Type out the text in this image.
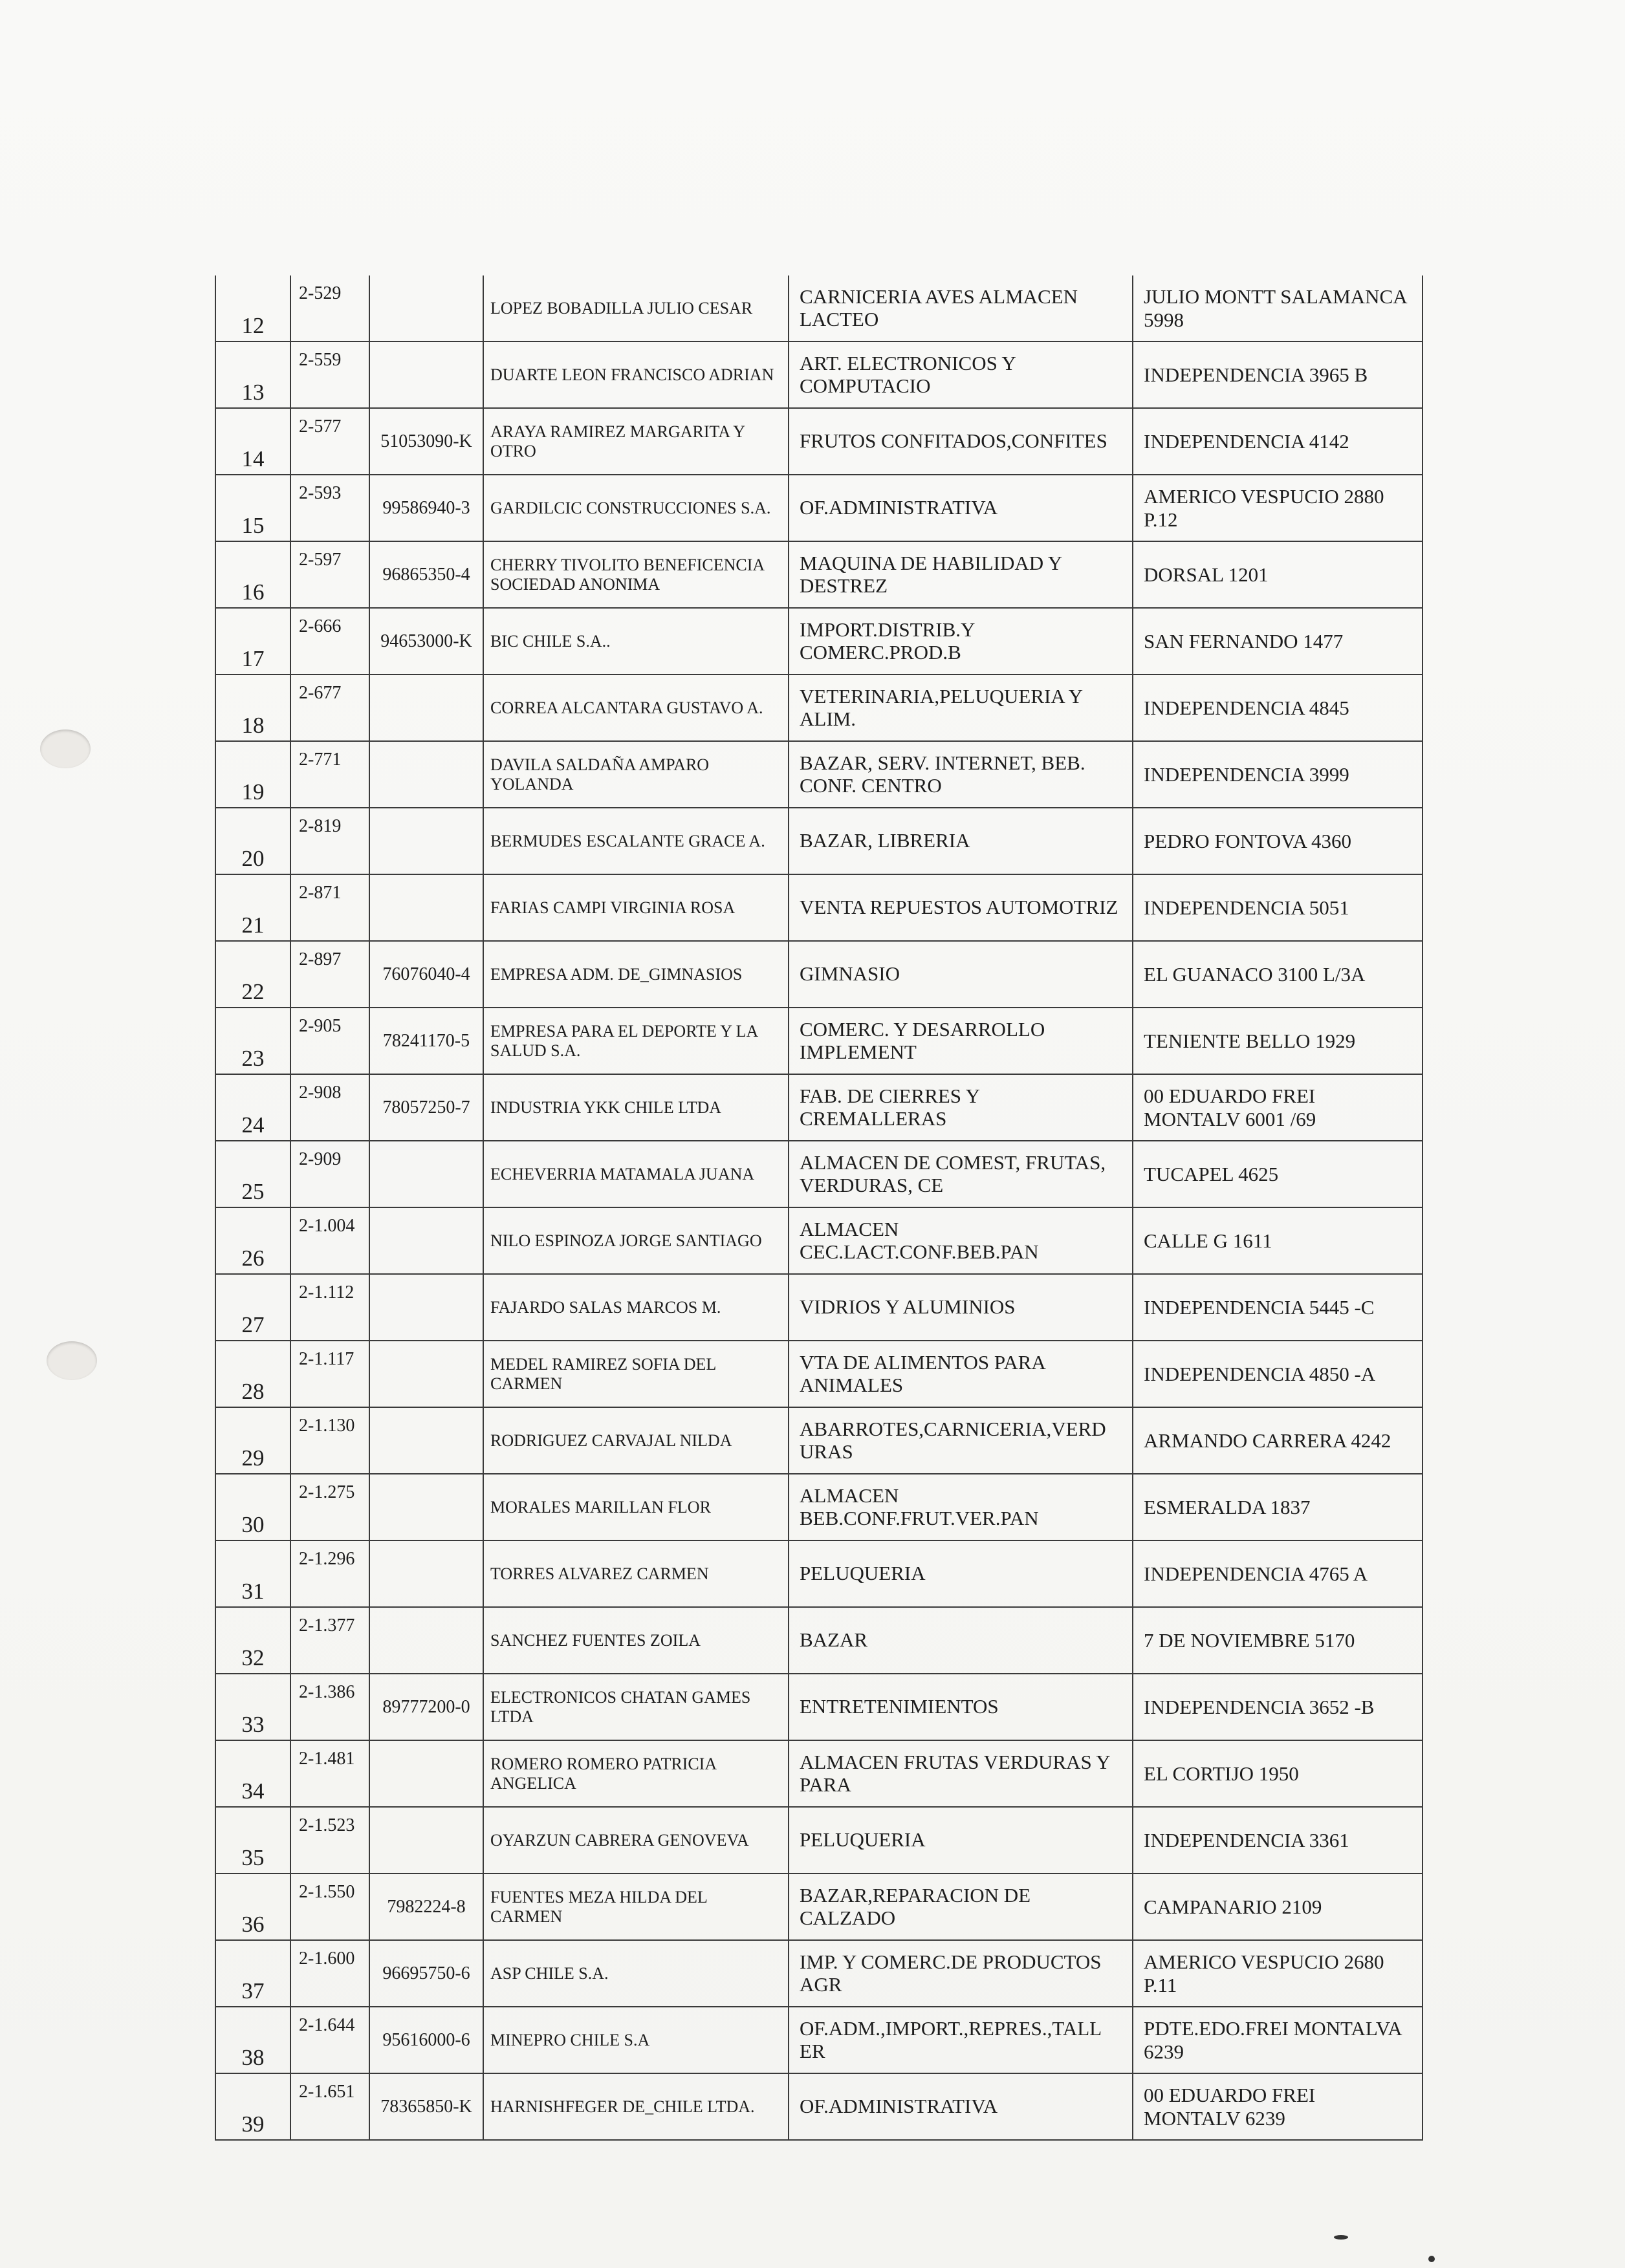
12	2-529		LOPEZ BOBADILLA JULIO CESAR	CARNICERIA AVES ALMACEN LACTEO	JULIO MONTT SALAMANCA 5998
13	2-559		DUARTE LEON FRANCISCO ADRIAN	ART. ELECTRONICOS Y COMPUTACIO	INDEPENDENCIA 3965 B
14	2-577	51053090-K	ARAYA RAMIREZ MARGARITA Y OTRO	FRUTOS CONFITADOS,CONFITES	INDEPENDENCIA 4142
15	2-593	99586940-3	GARDILCIC CONSTRUCCIONES S.A.	OF.ADMINISTRATIVA	AMERICO VESPUCIO 2880 P.12
16	2-597	96865350-4	CHERRY TIVOLITO BENEFICENCIA SOCIEDAD ANONIMA	MAQUINA DE HABILIDAD Y DESTREZ	DORSAL 1201
17	2-666	94653000-K	BIC CHILE S.A..	IMPORT.DISTRIB.Y COMERC.PROD.B	SAN FERNANDO 1477
18	2-677		CORREA ALCANTARA GUSTAVO A.	VETERINARIA,PELUQUERIA Y ALIM.	INDEPENDENCIA 4845
19	2-771		DAVILA SALDAÑA AMPARO YOLANDA	BAZAR, SERV. INTERNET, BEB. CONF. CENTRO	INDEPENDENCIA 3999
20	2-819		BERMUDES ESCALANTE GRACE A.	BAZAR, LIBRERIA	PEDRO FONTOVA 4360
21	2-871		FARIAS CAMPI VIRGINIA ROSA	VENTA REPUESTOS AUTOMOTRIZ	INDEPENDENCIA 5051
22	2-897	76076040-4	EMPRESA ADM. DE_GIMNASIOS	GIMNASIO	EL GUANACO 3100 L/3A
23	2-905	78241170-5	EMPRESA PARA EL DEPORTE Y LA SALUD S.A.	COMERC. Y DESARROLLO IMPLEMENT	TENIENTE BELLO 1929
24	2-908	78057250-7	INDUSTRIA YKK CHILE LTDA	FAB. DE CIERRES Y CREMALLERAS	00 EDUARDO FREI MONTALV 6001 /69
25	2-909		ECHEVERRIA MATAMALA JUANA	ALMACEN DE COMEST, FRUTAS, VERDURAS, CE	TUCAPEL 4625
26	2-1.004		NILO ESPINOZA JORGE SANTIAGO	ALMACEN CEC.LACT.CONF.BEB.PAN	CALLE G 1611
27	2-1.112		FAJARDO SALAS MARCOS M.	VIDRIOS Y ALUMINIOS	INDEPENDENCIA 5445 -C
28	2-1.117		MEDEL RAMIREZ SOFIA DEL CARMEN	VTA DE ALIMENTOS PARA ANIMALES	INDEPENDENCIA 4850 -A
29	2-1.130		RODRIGUEZ CARVAJAL NILDA	ABARROTES,CARNICERIA,VERD URAS	ARMANDO CARRERA 4242
30	2-1.275		MORALES MARILLAN FLOR	ALMACEN BEB.CONF.FRUT.VER.PAN	ESMERALDA 1837
31	2-1.296		TORRES ALVAREZ CARMEN	PELUQUERIA	INDEPENDENCIA 4765 A
32	2-1.377		SANCHEZ FUENTES ZOILA	BAZAR	7 DE NOVIEMBRE 5170
33	2-1.386	89777200-0	ELECTRONICOS CHATAN GAMES LTDA	ENTRETENIMIENTOS	INDEPENDENCIA 3652 -B
34	2-1.481		ROMERO ROMERO PATRICIA ANGELICA	ALMACEN FRUTAS VERDURAS Y PARA	EL CORTIJO 1950
35	2-1.523		OYARZUN CABRERA GENOVEVA	PELUQUERIA	INDEPENDENCIA 3361
36	2-1.550	7982224-8	FUENTES MEZA HILDA DEL CARMEN	BAZAR,REPARACION DE CALZADO	CAMPANARIO 2109
37	2-1.600	96695750-6	ASP CHILE S.A.	IMP. Y COMERC.DE PRODUCTOS AGR	AMERICO VESPUCIO 2680 P.11
38	2-1.644	95616000-6	MINEPRO CHILE S.A	OF.ADM.,IMPORT.,REPRES.,TALL ER	PDTE.EDO.FREI MONTALVA 6239
39	2-1.651	78365850-K	HARNISHFEGER DE_CHILE LTDA.	OF.ADMINISTRATIVA	00 EDUARDO FREI MONTALV 6239
